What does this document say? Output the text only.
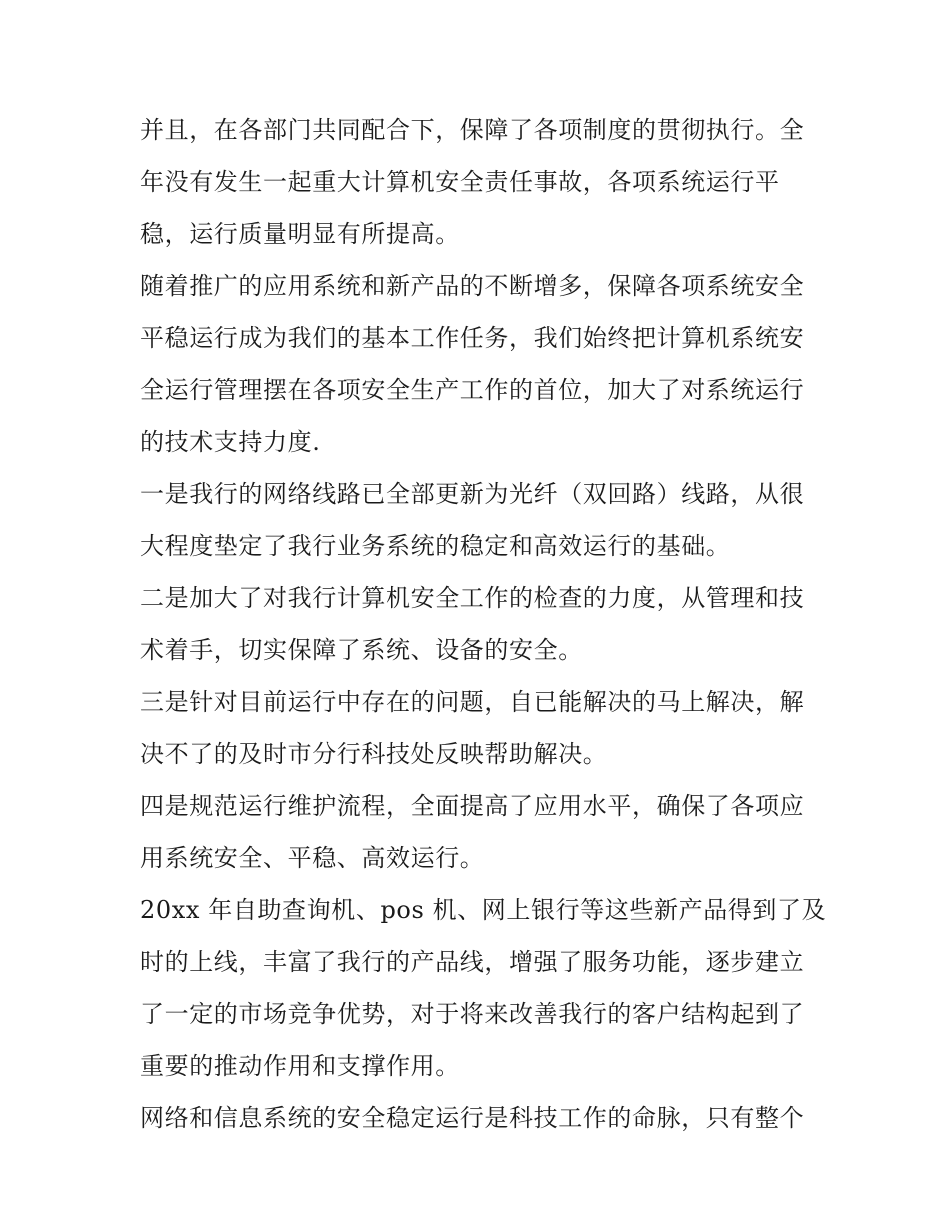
并且，在各部门共同配合下，保障了各项制度的贯彻执行。全
年没有发生一起重大计算机安全责任事故，各项系统运行平
稳，运行质量明显有所提高。
随着推广的应用系统和新产品的不断增多，保障各项系统安全
平稳运行成为我们的基本工作任务，我们始终把计算机系统安
全运行管理摆在各项安全生产工作的首位，加大了对系统运行
的技术支持力度.
一是我行的网络线路已全部更新为光纤（双回路）线路，从很
大程度垫定了我行业务系统的稳定和高效运行的基础。
二是加大了对我行计算机安全工作的检查的力度，从管理和技
术着手，切实保障了系统、设备的安全。
三是针对目前运行中存在的问题，自已能解决的马上解决，解
决不了的及时市分行科技处反映帮助解决。
四是规范运行维护流程，全面提高了应用水平，确保了各项应
用系统安全、平稳、高效运行。
20xx 年自助查询机、pos 机、网上银行等这些新产品得到了及
时的上线，丰富了我行的产品线，增强了服务功能，逐步建立
了一定的市场竞争优势，对于将来改善我行的客户结构起到了
重要的推动作用和支撑作用。
网络和信息系统的安全稳定运行是科技工作的命脉，只有整个
